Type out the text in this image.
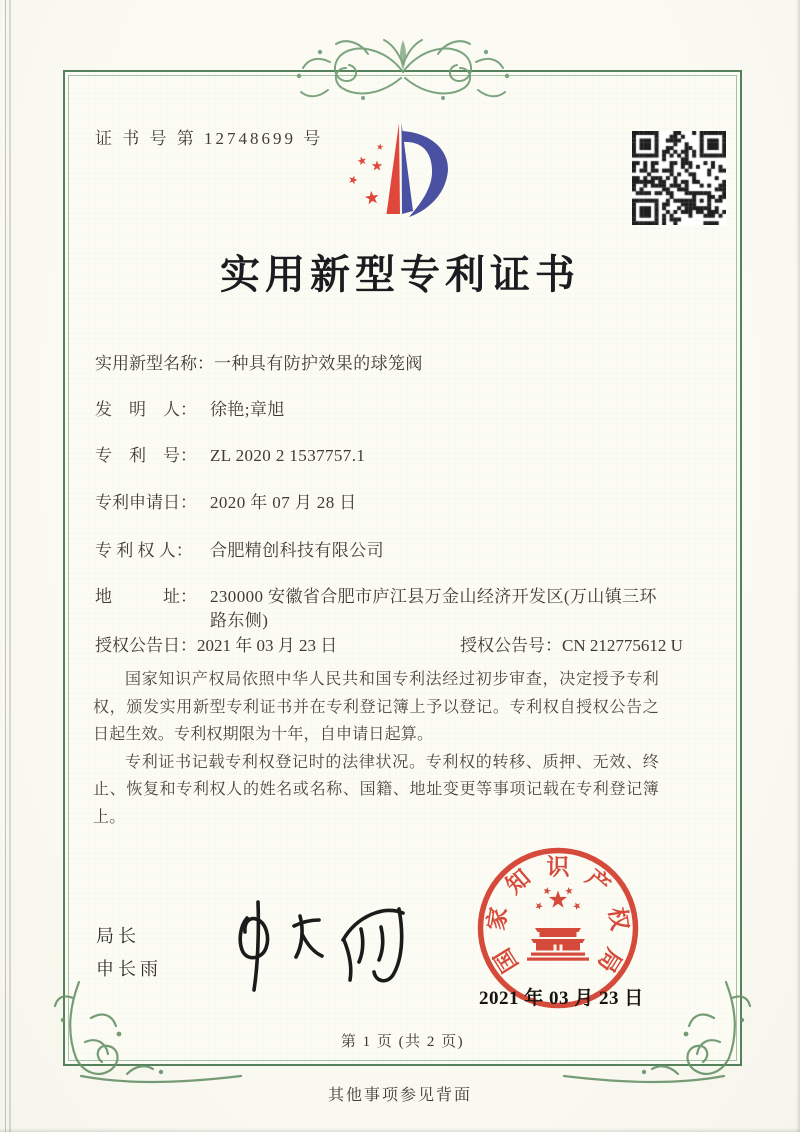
第 1 页 (共 2 页)
证 书 号 第 12748699 号
实用新型专利证书
实用新型名称： 一种具有防护效果的球笼阀
发　明　人： 徐艳;章旭
专　利　号： ZL 2020 2 1537757.1
专利申请日： 2020 年 07 月 28 日
专 利 权 人：	合肥精创科技有限公司
地　　　址： 230000 安徽省合肥市庐江县万金山经济开发区(万山镇三环路东侧)
授权公告日：2021 年 03 月 23 日	授权公告号：CN 212775612 U

国家知识产权局依照中华人民共和国专利法经过初步审查，决定授予专利权，颁发实用新型专利证书并在专利登记簿上予以登记。专利权自授权公告之日起生效。专利权期限为十年，自申请日起算。

专利证书记载专利权登记时的法律状况。专利权的转移、质押、无效、终止、恢复和专利权人的姓名或名称、国籍、地址变更等事项记载在专利登记簿上。

局长
申长雨	国
家
知 识 产
权
局
2021 年 03 月 23 日
其他事项参见背面
